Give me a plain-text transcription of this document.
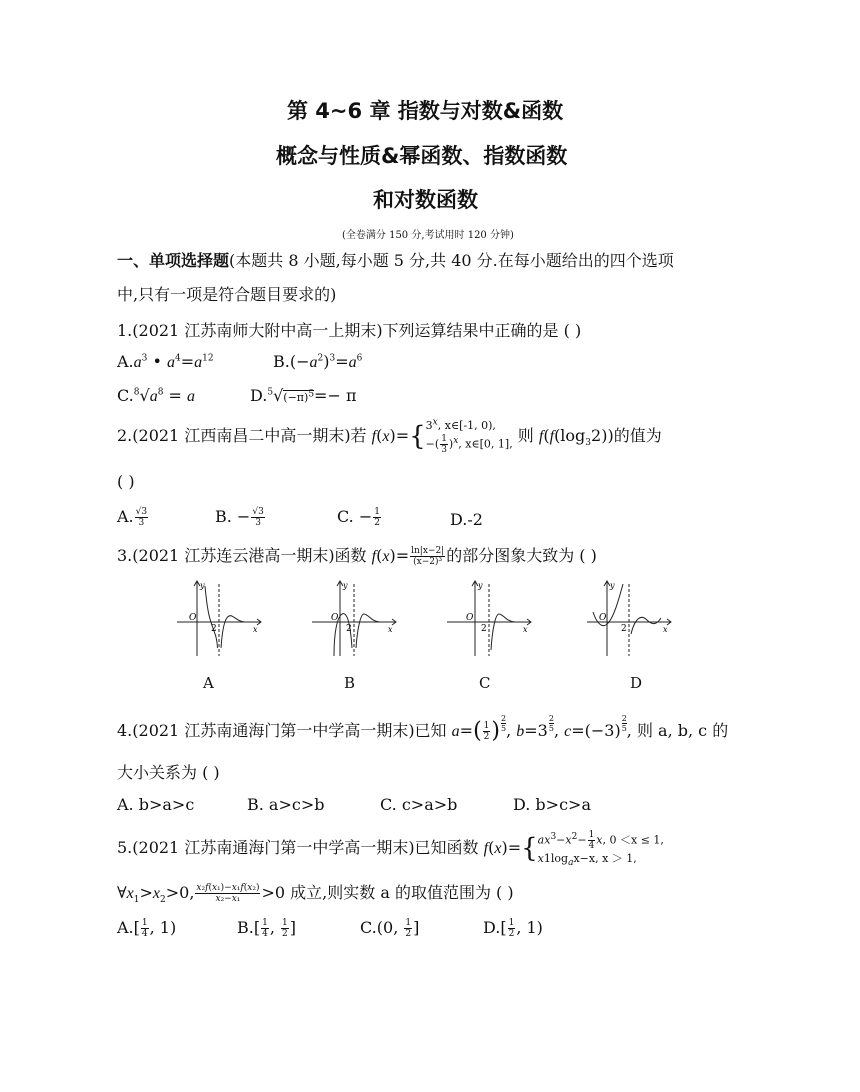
第 4~6 章 指数与对数&函数
概念与性质&幂函数、指数函数
和对数函数
(全卷满分 150 分,考试用时 120 分钟)
一、单项选择题(本题共 8 小题,每小题 5 分,共 40 分.在每小题给出的四个选项
中,只有一项是符合题目要求的)
1.(2021 江苏南师大附中高一上期末)下列运算结果中正确的是 ( )
$A.a^3$ • $a^4=a^{12}$	$B.(-a^2)^3=a^6$
$C.^8√a^8 = a$	$D.^5√(-\pi)^5=- \pi$
2.(2021 江西南昌二中高一期末)若 f(x)={ 3$^x$, x∈[-1, 0),
−( $\frac{1}{3} )^x$, x∈[0, 1], 则 $f(f(\log_32))$的值为
( )
A. $\frac{√3}{3}$	B. − $\frac{√3}{3}$	C. − $\frac{1}{2}$	D.-2
3.(2021 江苏连云港高一期末)函数 $f(x)= \frac{\ln|x-2|}{\text{(x−2)³}}$ 的部分图象大致为 ( )
O
2	x
y
O
2	x
y
O
2	x
y
O
2	x
y
A	B	C	D
4.(2021 江苏南通海门第一中学高一期末)已知 $a=( \frac{1}{2}$ ) $\frac{2}{5}$ , $b=3 \frac{2}{5}$ , $c=(-3) \frac{2}{5}$ , 则 a, b, c 的
大小关系为 ( )
A. b>a>c	B. a>c>b	C. c>a>b	D. b>c>a
5.(2021 江苏南通海门第一中学高一期末)已知函数 f(x)={ $ax^3-x^2- \frac{1}{4} x$, 0 ＜x ≤ 1,
$x1\log_ax-x$, x ＞ 1,
$\forall x_1>x_2>0$, $\frac{\text{x₂f(x₁)−x₁f(x₂)}}{\text{x₂−x₁}} >0$ 成立,则实数 a 的取值范围为 ( )
$A.[ \frac{1}{4}$ , 1)	$B.[ \frac{1}{4}$ , $\frac{1}{2}$ ]	C.(0, $\frac{1}{2}$ ]	$D.[ \frac{1}{2}$ , 1)
